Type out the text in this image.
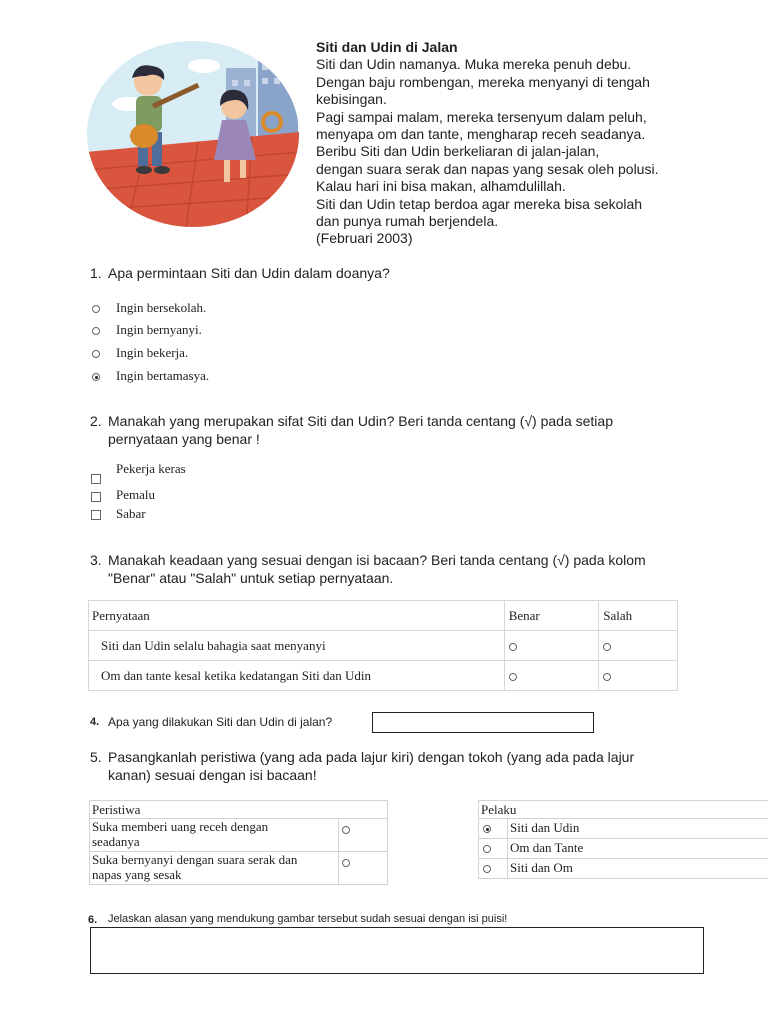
Siti dan Udin di Jalan
Siti dan Udin namanya. Muka mereka penuh debu.
Dengan baju rombengan, mereka menyanyi di tengah
kebisingan.
Pagi sampai malam, mereka tersenyum dalam peluh,
menyapa om dan tante, mengharap receh seadanya.
Beribu Siti dan Udin berkeliaran di jalan-jalan,
dengan suara serak dan napas yang sesak oleh polusi.
Kalau hari ini bisa makan, alhamdulillah.
Siti dan Udin tetap berdoa agar mereka bisa sekolah
dan punya rumah berjendela.
(Februari 2003)
1. Apa permintaan Siti dan Udin dalam doanya?
Ingin bersekolah.
Ingin bernyanyi.
Ingin bekerja.
Ingin bertamasya.
2. Manakah yang merupakan sifat Siti dan Udin? Beri tanda centang (√) pada setiap
pernyataan yang benar !
Pekerja keras
Pemalu
Sabar
3. Manakah keadaan yang sesuai dengan isi bacaan? Beri tanda centang (√) pada kolom
"Benar" atau "Salah" untuk setiap pernyataan.
Pernyataan	Benar	Salah
Siti dan Udin selalu bahagia saat menyanyi	

Om dan tante kesal ketika kedatangan Siti dan Udin	

4. Apa yang dilakukan Siti dan Udin di jalan?
5. Pasangkanlah peristiwa (yang ada pada lajur kiri) dengan tokoh (yang ada pada lajur
kanan) sesuai dengan isi bacaan!
Peristiwa	

Suka memberi uang receh dengan
seadanya	

Suka bernyanyi dengan suara serak dan
napas yang sesak	

Pelaku	

	Siti dan Udin

	Om dan Tante

	Siti dan Om
6. Jelaskan alasan yang mendukung gambar tersebut sudah sesuai dengan isi puisi!
